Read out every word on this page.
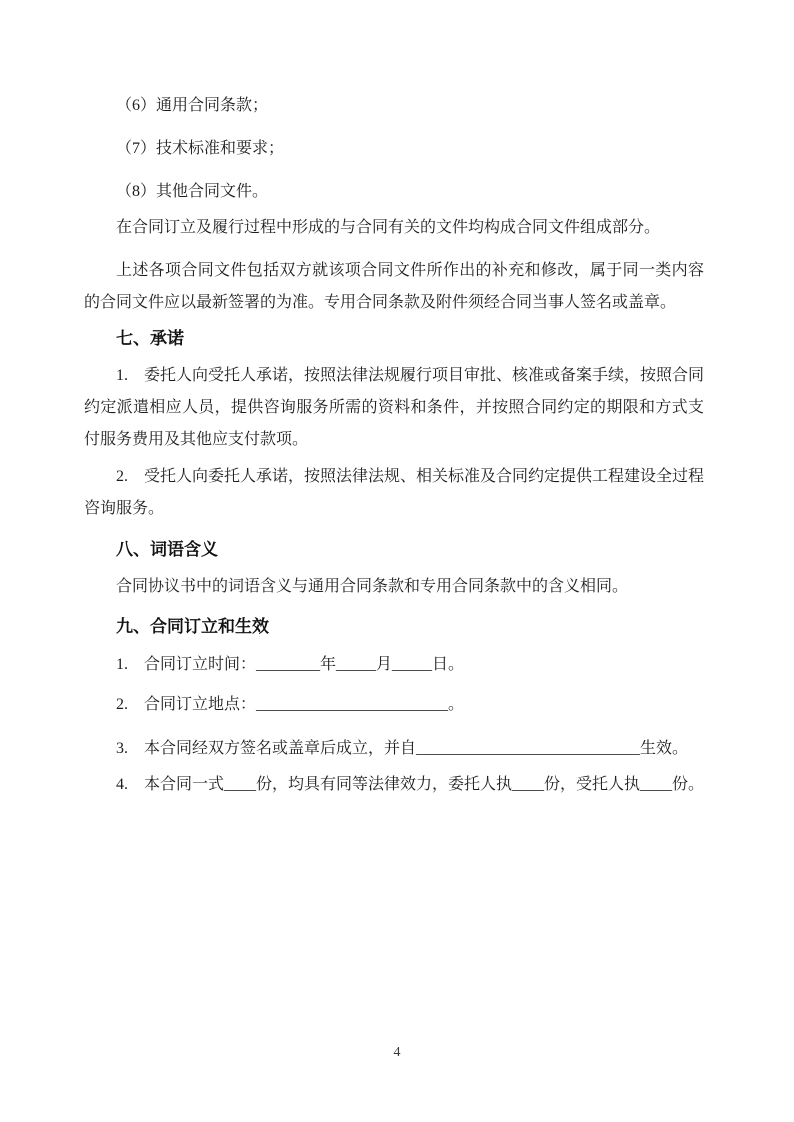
（6）通用合同条款；

（7）技术标准和要求；

（8）其他合同文件。

在合同订立及履行过程中形成的与合同有关的文件均构成合同文件组成部分。

上述各项合同文件包括双方就该项合同文件所作出的补充和修改，属于同一类内容的合同文件应以最新签署的为准。专用合同条款及附件须经合同当事人签名或盖章。

七、承诺

1.　委托人向受托人承诺，按照法律法规履行项目审批、核准或备案手续，按照合同约定派遣相应人员，提供咨询服务所需的资料和条件，并按照合同约定的期限和方式支付服务费用及其他应支付款项。

2.　受托人向委托人承诺，按照法律法规、相关标准及合同约定提供工程建设全过程咨询服务。

八、词语含义

合同协议书中的词语含义与通用合同条款和专用合同条款中的含义相同。

九、合同订立和生效

1.　合同订立时间：________年_____月_____日。

2.　合同订立地点：________________________。

3.　本合同经双方签名或盖章后成立，并自____________________________生效。

4.　本合同一式____份，均具有同等法律效力，委托人执____份，受托人执____份。

4
